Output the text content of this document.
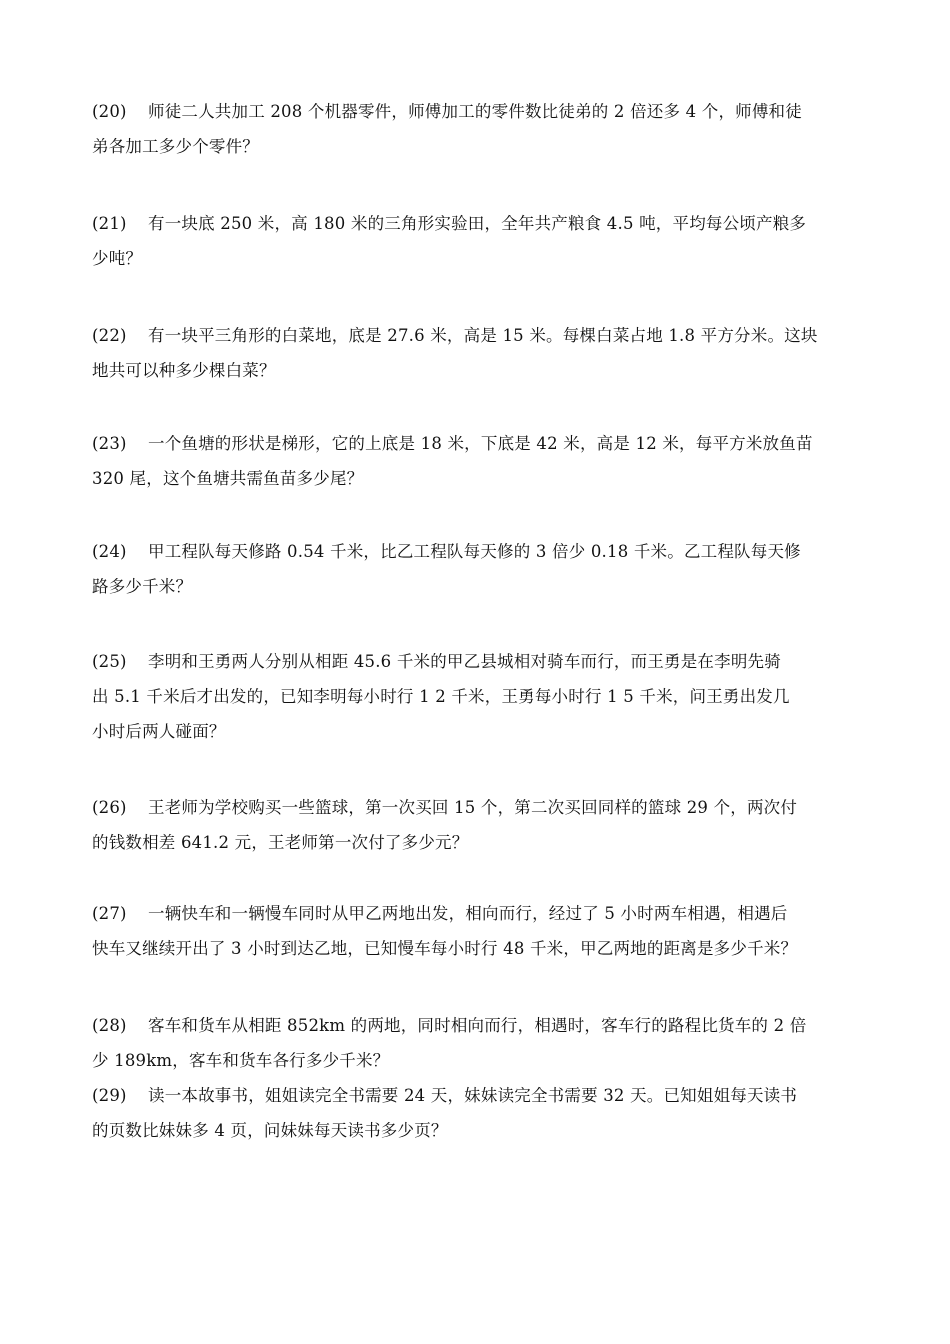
(20) 师徒二人共加工 208 个机器零件，师傅加工的零件数比徒弟的 2 倍还多 4 个，师傅和徒
弟各加工多少个零件？
(21) 有一块底 250 米，高 180 米的三角形实验田，全年共产粮食 4.5 吨，平均每公顷产粮多
少吨？
(22) 有一块平三角形的白菜地，底是 27.6 米，高是 15 米。每棵白菜占地 1.8 平方分米。这块
地共可以种多少棵白菜？
(23) 一个鱼塘的形状是梯形，它的上底是 18 米，下底是 42 米，高是 12 米，每平方米放鱼苗
320 尾，这个鱼塘共需鱼苗多少尾？
(24) 甲工程队每天修路 0.54 千米，比乙工程队每天修的 3 倍少 0.18 千米。乙工程队每天修
路多少千米？
(25) 李明和王勇两人分别从相距 45.6 千米的甲乙县城相对骑车而行，而王勇是在李明先骑
出 5.1 千米后才出发的，已知李明每小时行 1 2 千米，王勇每小时行 1 5 千米，问王勇出发几
小时后两人碰面？
(26) 王老师为学校购买一些篮球，第一次买回 15 个，第二次买回同样的篮球 29 个，两次付
的钱数相差 641.2 元，王老师第一次付了多少元？
(27) 一辆快车和一辆慢车同时从甲乙两地出发，相向而行，经过了 5 小时两车相遇，相遇后
快车又继续开出了 3 小时到达乙地，已知慢车每小时行 48 千米，甲乙两地的距离是多少千米？
(28) 客车和货车从相距 852km 的两地，同时相向而行，相遇时，客车行的路程比货车的 2 倍
少 189km，客车和货车各行多少千米？
(29) 读一本故事书，姐姐读完全书需要 24 天，妹妹读完全书需要 32 天。已知姐姐每天读书
的页数比妹妹多 4 页，问妹妹每天读书多少页？
